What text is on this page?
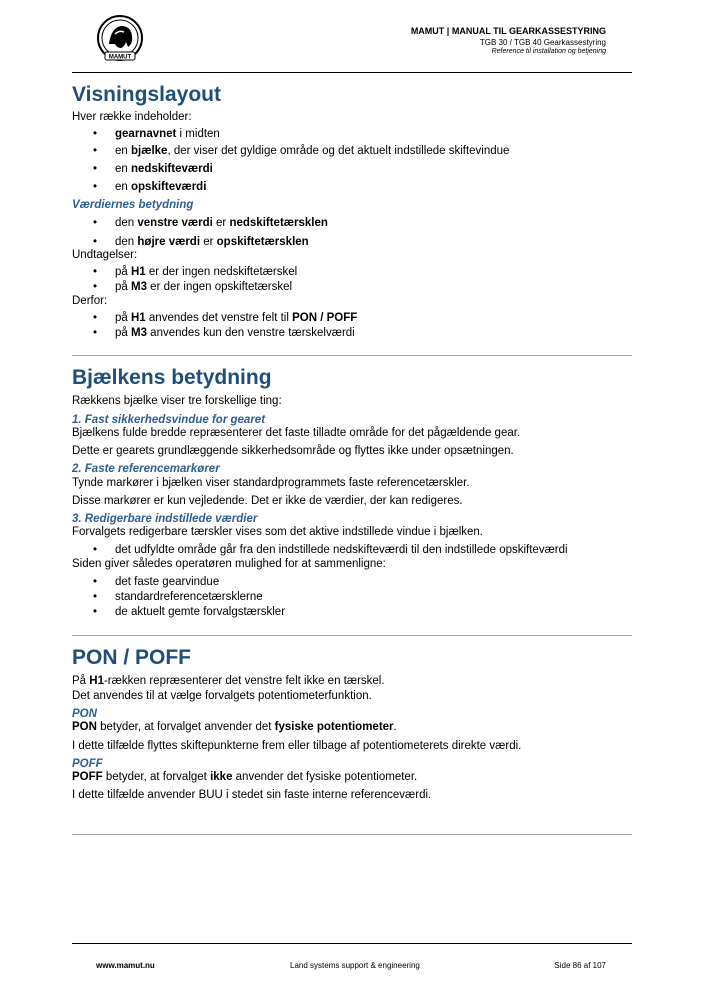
MAMUT
MAMUT | MANUAL TIL GEARKASSESTYRING
TGB 30 / TGB 40 Gearkassestyring
Reference til installation og betjening
Visningslayout

Hver række indeholder:

• gearnavnet i midten
• en bjælke, der viser det gyldige område og det aktuelt indstillede skiftevindue
• en nedskifteværdi
• en opskifteværdi
Værdiernes betydning
• den venstre værdi er nedskiftetærsklen
• den højre værdi er opskiftetærsklen

Undtagelser:

• på H1 er der ingen nedskiftetærskel
• på M3 er der ingen opskiftetærskel

Derfor:

• på H1 anvendes det venstre felt til PON / POFF
• på M3 anvendes kun den venstre tærskelværdi
Bjælkens betydning

Rækkens bjælke viser tre forskellige ting:

1. Fast sikkerhedsvindue for gearet

Bjælkens fulde bredde repræsenterer det faste tilladte område for det pågældende gear.

Dette er gearets grundlæggende sikkerhedsområde og flyttes ikke under opsætningen.

2. Faste referencemarkører

Tynde markører i bjælken viser standardprogrammets faste referencetærskler.

Disse markører er kun vejledende. Det er ikke de værdier, der kan redigeres.

3. Redigerbare indstillede værdier

Forvalgets redigerbare tærskler vises som det aktive indstillede vindue i bjælken.

• det udfyldte område går fra den indstillede nedskifteværdi til den indstillede opskifteværdi

Siden giver således operatøren mulighed for at sammenligne:

• det faste gearvindue
• standardreferencetærsklerne
• de aktuelt gemte forvalgstærskler
PON / POFF

På H1-rækken repræsenterer det venstre felt ikke en tærskel.

Det anvendes til at vælge forvalgets potentiometerfunktion.

PON

PON betyder, at forvalget anvender det fysiske potentiometer.

I dette tilfælde flyttes skiftepunkterne frem eller tilbage af potentiometerets direkte værdi.

POFF

POFF betyder, at forvalget ikke anvender det fysiske potentiometer.

I dette tilfælde anvender BUU i stedet sin faste interne referenceværdi.

www.mamut.nu	Land systems support & engineering	Side 86 af 107
